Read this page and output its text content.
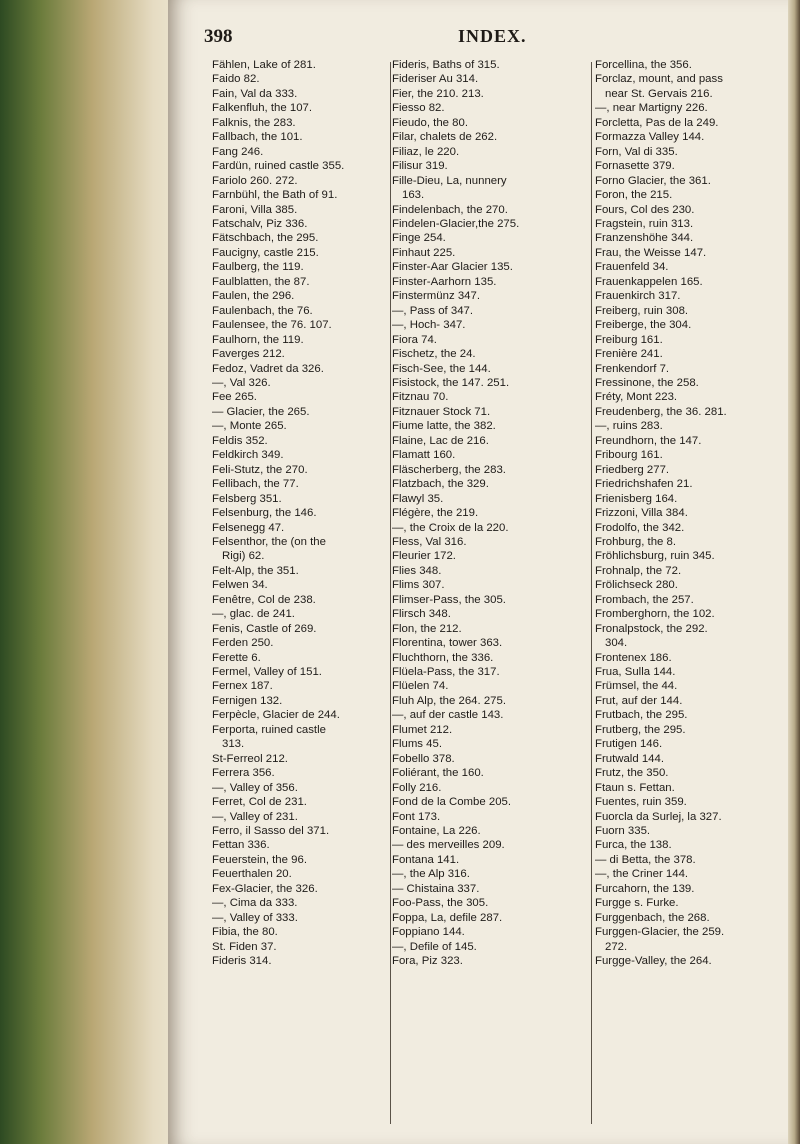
398	INDEX.
Fählen, Lake of 281.
Faido 82.
Fain, Val da 333.
Falkenfluh, the 107.
Falknis, the 283.
Fallbach, the 101.
Fang 246.
Fardün, ruined castle 355.
Fariolo 260. 272.
Farnbühl, the Bath of 91.
Faroni, Villa 385.
Fatschalv, Piz 336.
Fätschbach, the 295.
Faucigny, castle 215.
Faulberg, the 119.
Faulblatten, the 87.
Faulen, the 296.
Faulenbach, the 76.
Faulensee, the 76. 107.
Faulhorn, the 119.
Faverges 212.
Fedoz, Vadret da 326.
—, Val 326.
Fee 265.
— Glacier, the 265.
—, Monte 265.
Feldis 352.
Feldkirch 349.
Feli-Stutz, the 270.
Fellibach, the 77.
Felsberg 351.
Felsenburg, the 146.
Felsenegg 47.
Felsenthor, the (on the
Rigi) 62.
Felt-Alp, the 351.
Felwen 34.
Fenêtre, Col de 238.
—, glac. de 241.
Fenis, Castle of 269.
Ferden 250.
Ferette 6.
Fermel, Valley of 151.
Fernex 187.
Fernigen 132.
Ferpècle, Glacier de 244.
Ferporta, ruined castle
313.
St-Ferreol 212.
Ferrera 356.
—, Valley of 356.
Ferret, Col de 231.
—, Valley of 231.
Ferro, il Sasso del 371.
Fettan 336.
Feuerstein, the 96.
Feuerthalen 20.
Fex-Glacier, the 326.
—, Cima da 333.
—, Valley of 333.
Fibia, the 80.
St. Fiden 37.
Fideris 314.
Fideris, Baths of 315.
Fideriser Au 314.
Fier, the 210. 213.
Fiesso 82.
Fieudo, the 80.
Filar, chalets de 262.
Filiaz, le 220.
Filisur 319.
Fille-Dieu, La, nunnery
163.
Findelenbach, the 270.
Findelen-Glacier,the 275.
Finge 254.
Finhaut 225.
Finster-Aar Glacier 135.
Finster-Aarhorn 135.
Finstermünz 347.
—, Pass of 347.
—, Hoch- 347.
Fiora 74.
Fischetz, the 24.
Fisch-See, the 144.
Fisistock, the 147. 251.
Fitznau 70.
Fitznauer Stock 71.
Fiume latte, the 382.
Flaine, Lac de 216.
Flamatt 160.
Fläscherberg, the 283.
Flatzbach, the 329.
Flawyl 35.
Flégère, the 219.
—, the Croix de la 220.
Fless, Val 316.
Fleurier 172.
Flies 348.
Flims 307.
Flimser-Pass, the 305.
Flirsch 348.
Flon, the 212.
Florentina, tower 363.
Fluchthorn, the 336.
Flüela-Pass, the 317.
Flüelen 74.
Fluh Alp, the 264. 275.
—, auf der castle 143.
Flumet 212.
Flums 45.
Fobello 378.
Foliérant, the 160.
Folly 216.
Fond de la Combe 205.
Font 173.
Fontaine, La 226.
— des merveilles 209.
Fontana 141.
—, the Alp 316.
— Chistaina 337.
Foo-Pass, the 305.
Foppa, La, defile 287.
Foppiano 144.
—, Defile of 145.
Fora, Piz 323.
Forcellina, the 356.
Forclaz, mount, and pass
near St. Gervais 216.
—, near Martigny 226.
Forcletta, Pas de la 249.
Formazza Valley 144.
Forn, Val di 335.
Fornasette 379.
Forno Glacier, the 361.
Foron, the 215.
Fours, Col des 230.
Fragstein, ruin 313.
Franzenshöhe 344.
Frau, the Weisse 147.
Frauenfeld 34.
Frauenkappelen 165.
Frauenkirch 317.
Freiberg, ruin 308.
Freiberge, the 304.
Freiburg 161.
Frenière 241.
Frenkendorf 7.
Fressinone, the 258.
Fréty, Mont 223.
Freudenberg, the 36. 281.
—, ruins 283.
Freundhorn, the 147.
Fribourg 161.
Friedberg 277.
Friedrichshafen 21.
Frienisberg 164.
Frizzoni, Villa 384.
Frodolfo, the 342.
Frohburg, the 8.
Fröhlichsburg, ruin 345.
Frohnalp, the 72.
Frölichseck 280.
Frombach, the 257.
Fromberghorn, the 102.
Fronalpstock, the 292.
304.
Frontenex 186.
Frua, Sulla 144.
Frümsel, the 44.
Frut, auf der 144.
Frutbach, the 295.
Frutberg, the 295.
Frutigen 146.
Frutwald 144.
Frutz, the 350.
Ftaun s. Fettan.
Fuentes, ruin 359.
Fuorcla da Surlej, la 327.
Fuorn 335.
Furca, the 138.
— di Betta, the 378.
—, the Criner 144.
Furcahorn, the 139.
Furgge s. Furke.
Furggenbach, the 268.
Furggen-Glacier, the 259.
272.
Furgge-Valley, the 264.
